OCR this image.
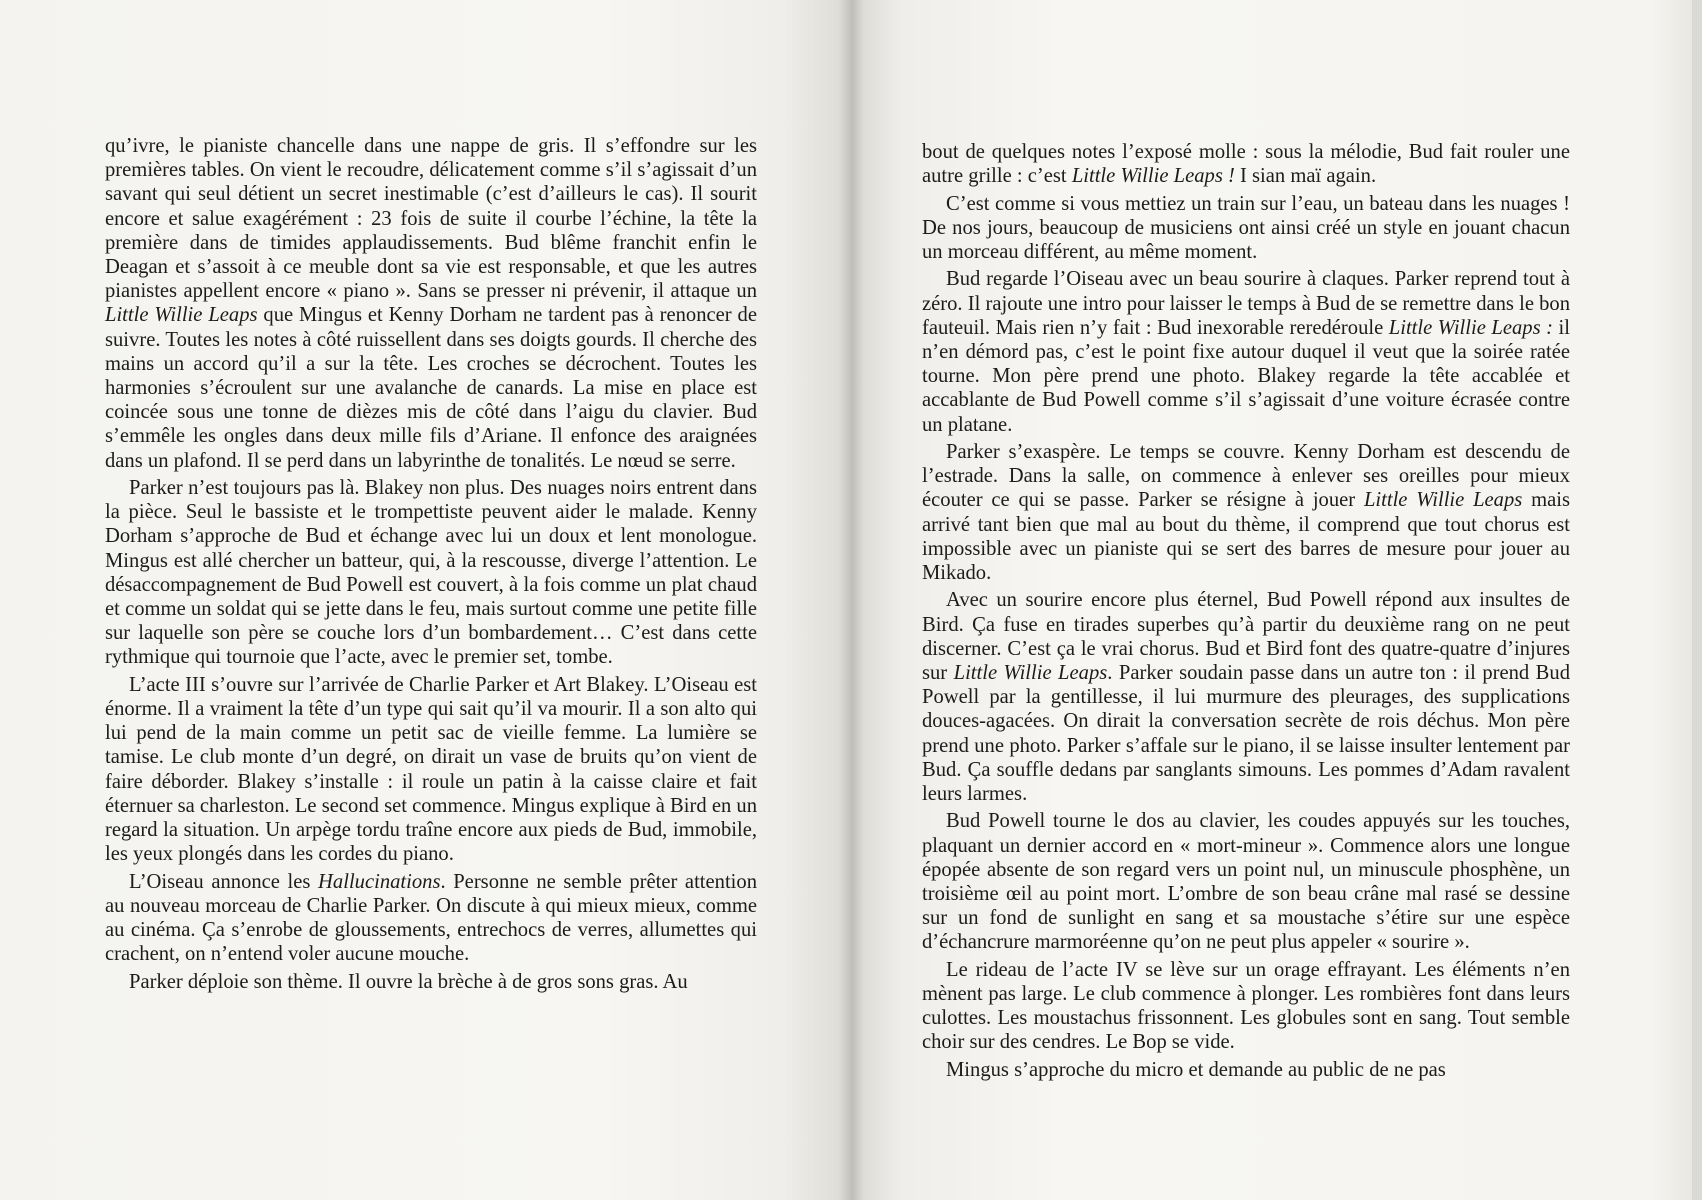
qu’ivre, le pianiste chancelle dans une nappe de gris. Il s’effondre sur les premières tables. On vient le recoudre, délicatement comme s’il s’agissait d’un savant qui seul détient un secret inestimable (c’est d’ailleurs le cas). Il sourit encore et salue exagérément : 23 fois de suite il courbe l’échine, la tête la première dans de timides applaudissements. Bud blême franchit enfin le Deagan et s’assoit à ce meuble dont sa vie est responsable, et que les autres pianistes appellent encore « piano ». Sans se presser ni prévenir, il attaque un Little Willie Leaps que Mingus et Kenny Dorham ne tardent pas à renoncer de suivre. Toutes les notes à côté ruissellent dans ses doigts gourds. Il cherche des mains un accord qu’il a sur la tête. Les croches se décrochent. Toutes les harmonies s’écroulent sur une avalanche de canards. La mise en place est coincée sous une tonne de dièzes mis de côté dans l’aigu du clavier. Bud s’emmêle les ongles dans deux mille fils d’Ariane. Il enfonce des araignées dans un plafond. Il se perd dans un labyrinthe de tonalités. Le nœud se serre.

Parker n’est toujours pas là. Blakey non plus. Des nuages noirs entrent dans la pièce. Seul le bassiste et le trompettiste peuvent aider le malade. Kenny Dorham s’approche de Bud et échange avec lui un doux et lent monologue. Mingus est allé chercher un batteur, qui, à la rescousse, diverge l’attention. Le désaccompagnement de Bud Powell est couvert, à la fois comme un plat chaud et comme un soldat qui se jette dans le feu, mais surtout comme une petite fille sur laquelle son père se couche lors d’un bombardement… C’est dans cette rythmique qui tournoie que l’acte, avec le premier set, tombe.

L’acte III s’ouvre sur l’arrivée de Charlie Parker et Art Blakey. L’Oiseau est énorme. Il a vraiment la tête d’un type qui sait qu’il va mourir. Il a son alto qui lui pend de la main comme un petit sac de vieille femme. La lumière se tamise. Le club monte d’un degré, on dirait un vase de bruits qu’on vient de faire déborder. Blakey s’installe : il roule un patin à la caisse claire et fait éternuer sa charleston. Le second set commence. Mingus explique à Bird en un regard la situation. Un arpège tordu traîne encore aux pieds de Bud, immobile, les yeux plongés dans les cordes du piano.

L’Oiseau annonce les Hallucinations. Personne ne semble prêter attention au nouveau morceau de Charlie Parker. On discute à qui mieux mieux, comme au cinéma. Ça s’enrobe de gloussements, entrechocs de verres, allumettes qui crachent, on n’entend voler aucune mouche.

Parker déploie son thème. Il ouvre la brèche à de gros sons gras. Au

bout de quelques notes l’exposé molle : sous la mélodie, Bud fait rouler une autre grille : c’est Little Willie Leaps ! I sian maï again.

C’est comme si vous mettiez un train sur l’eau, un bateau dans les nuages ! De nos jours, beaucoup de musiciens ont ainsi créé un style en jouant chacun un morceau différent, au même moment.

Bud regarde l’Oiseau avec un beau sourire à claques. Parker reprend tout à zéro. Il rajoute une intro pour laisser le temps à Bud de se remettre dans le bon fauteuil. Mais rien n’y fait : Bud inexorable reredéroule Little Willie Leaps : il n’en démord pas, c’est le point fixe autour duquel il veut que la soirée ratée tourne. Mon père prend une photo. Blakey regarde la tête accablée et accablante de Bud Powell comme s’il s’agissait d’une voiture écrasée contre un platane.

Parker s’exaspère. Le temps se couvre. Kenny Dorham est descendu de l’estrade. Dans la salle, on commence à enlever ses oreilles pour mieux écouter ce qui se passe. Parker se résigne à jouer Little Willie Leaps mais arrivé tant bien que mal au bout du thème, il comprend que tout chorus est impossible avec un pianiste qui se sert des barres de mesure pour jouer au Mikado.

Avec un sourire encore plus éternel, Bud Powell répond aux insultes de Bird. Ça fuse en tirades superbes qu’à partir du deuxième rang on ne peut discerner. C’est ça le vrai chorus. Bud et Bird font des quatre-quatre d’injures sur Little Willie Leaps. Parker soudain passe dans un autre ton : il prend Bud Powell par la gentillesse, il lui murmure des pleurages, des supplications douces-agacées. On dirait la conversation secrète de rois déchus. Mon père prend une photo. Parker s’affale sur le piano, il se laisse insulter lentement par Bud. Ça souffle dedans par sanglants simouns. Les pommes d’Adam ravalent leurs larmes.

Bud Powell tourne le dos au clavier, les coudes appuyés sur les touches, plaquant un dernier accord en « mort-mineur ». Commence alors une longue épopée absente de son regard vers un point nul, un minuscule phosphène, un troisième œil au point mort. L’ombre de son beau crâne mal rasé se dessine sur un fond de sunlight en sang et sa moustache s’étire sur une espèce d’échancrure marmoréenne qu’on ne peut plus appeler « sourire ».

Le rideau de l’acte IV se lève sur un orage effrayant. Les éléments n’en mènent pas large. Le club commence à plonger. Les rombières font dans leurs culottes. Les moustachus frissonnent. Les globules sont en sang. Tout semble choir sur des cendres. Le Bop se vide.

Mingus s’approche du micro et demande au public de ne pas
